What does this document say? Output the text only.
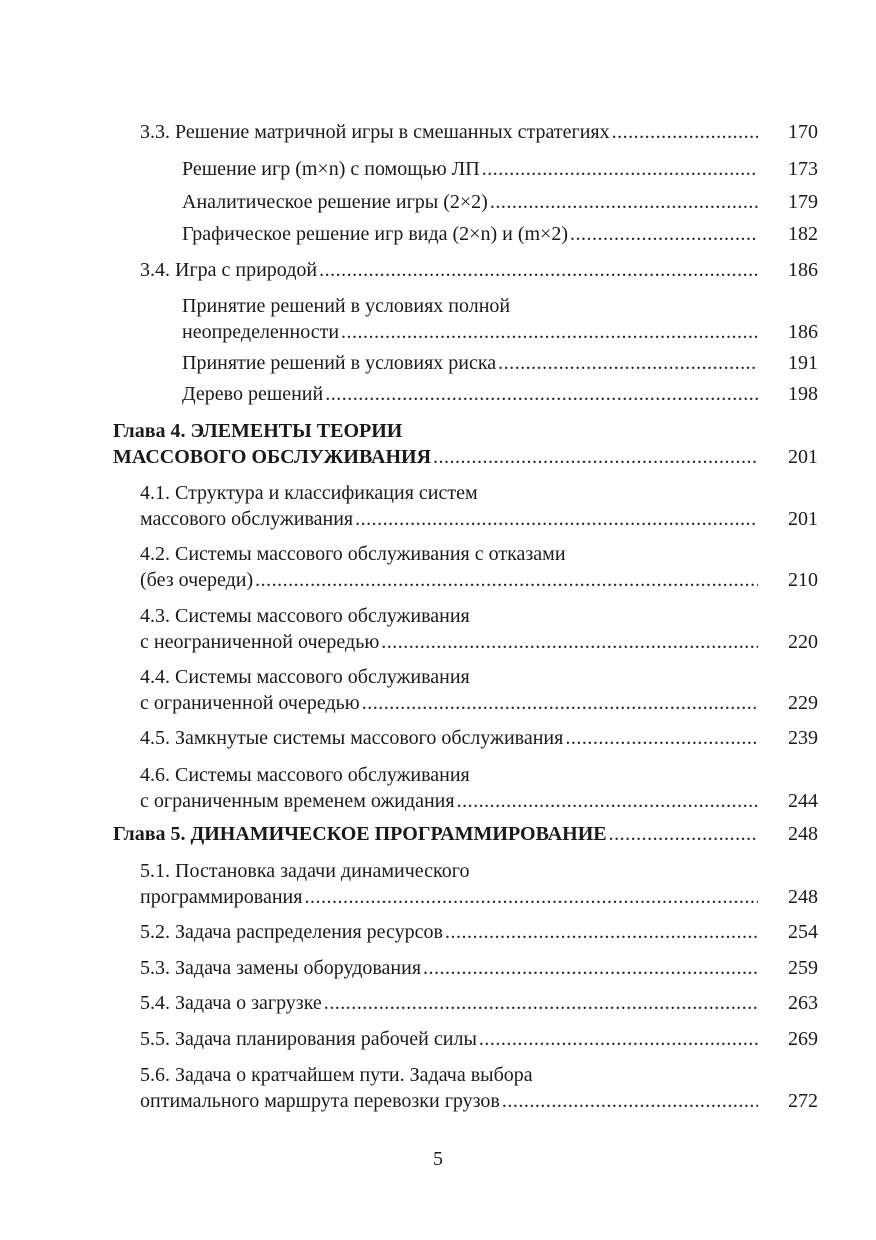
3.3. Решение матричной игры в смешанных стратегиях .....	170
Решение игр (m×n) с помощью ЛП .....	173
Аналитическое решение игры (2×2) .....	179
Графическое решение игр вида (2×n) и (m×2) .....	182
3.4. Игра с природой .....	186
Принятие решений в условиях полной
неопределенности .....	186
Принятие решений в условиях риска .....	191
Дерево решений .....	198
Глава 4. ЭЛЕМЕНТЫ ТЕОРИИ
МАССОВОГО ОБСЛУЖИВАНИЯ .....	201
4.1. Структура и классификация систем
массового обслуживания .....	201
4.2. Системы массового обслуживания с отказами
(без очереди) .....	210
4.3. Системы массового обслуживания
с неограниченной очередью .....	220
4.4. Системы массового обслуживания
с ограниченной очередью .....	229
4.5. Замкнутые системы массового обслуживания .....	239
4.6. Системы массового обслуживания
с ограниченным временем ожидания .....	244
Глава 5. ДИНАМИЧЕСКОЕ ПРОГРАММИРОВАНИЕ .....	248
5.1. Постановка задачи динамического
программирования .....	248
5.2. Задача распределения ресурсов .....	254
5.3. Задача замены оборудования .....	259
5.4. Задача о загрузке .....	263
5.5. Задача планирования рабочей силы .....	269
5.6. Задача о кратчайшем пути. Задача выбора
оптимального маршрута перевозки грузов .....	272
5
